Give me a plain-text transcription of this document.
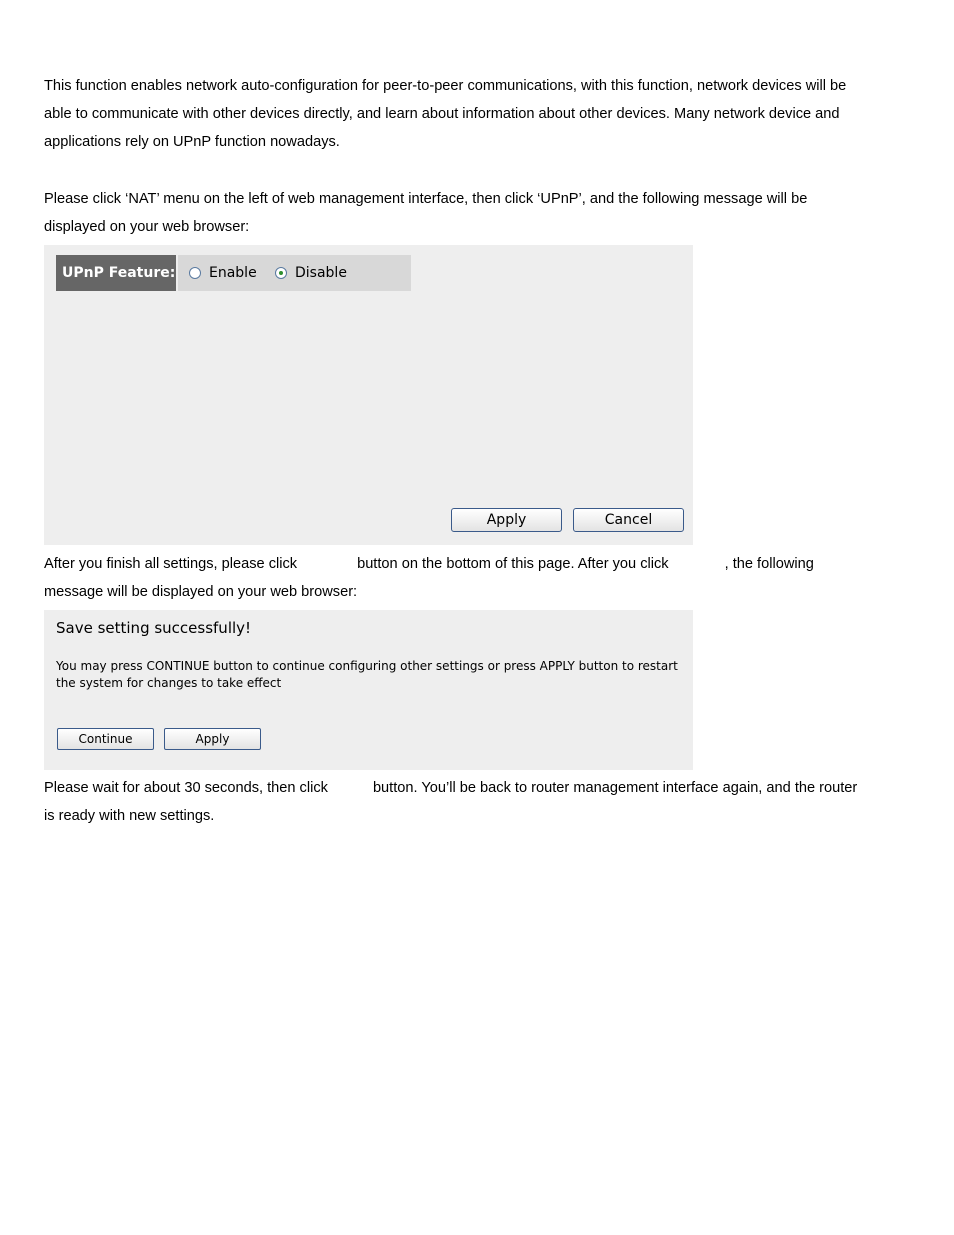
This function enables network auto-configuration for peer-to-peer communications, with this function, network devices will be
able to communicate with other devices directly, and learn about information about other devices. Many network device and
applications rely on UPnP function nowadays.
Please click ‘NAT’ menu on the left of web management interface, then click ‘UPnP’, and the following message will be
displayed on your web browser:
UPnP Feature: Enable	Disable
Apply	Cancel
After you finish all settings, please click	button on the bottom of this page. After you click	, the following
message will be displayed on your web browser:
Save setting successfully!
You may press CONTINUE button to continue configuring other settings or press APPLY button to restart the system for changes to take effect
Continue	Apply
Please wait for about 30 seconds, then click	button. You’ll be back to router management interface again, and the router
is ready with new settings.
